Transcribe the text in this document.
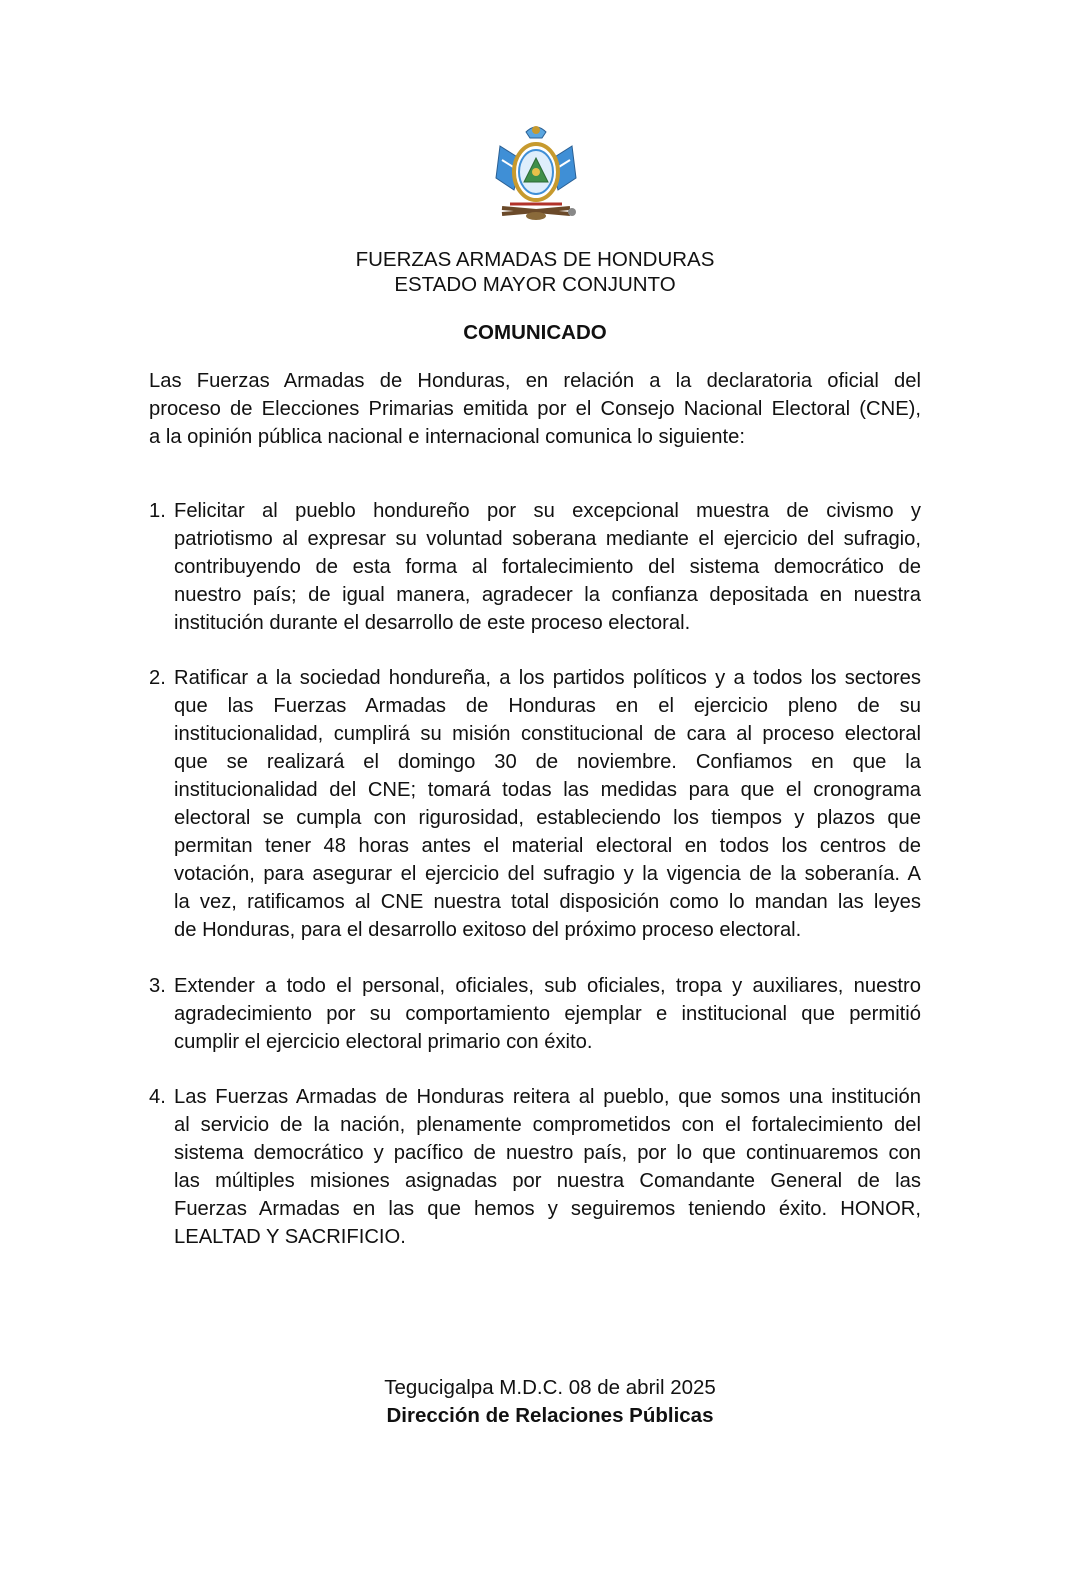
FUERZAS ARMADAS DE HONDURAS
ESTADO MAYOR CONJUNTO
COMUNICADO
Las Fuerzas Armadas de Honduras, en relación a la declaratoria oficial del
proceso de Elecciones Primarias emitida por el Consejo Nacional Electoral (CNE),
a la opinión pública nacional e internacional comunica lo siguiente:
1. Felicitar al pueblo hondureño por su excepcional muestra de civismo y
patriotismo al expresar su voluntad soberana mediante el ejercicio del sufragio,
contribuyendo de esta forma al fortalecimiento del sistema democrático de
nuestro país; de igual manera, agradecer la confianza depositada en nuestra
institución durante el desarrollo de este proceso electoral.
2. Ratificar a la sociedad hondureña, a los partidos políticos y a todos los sectores
que las Fuerzas Armadas de Honduras en el ejercicio pleno de su
institucionalidad, cumplirá su misión constitucional de cara al proceso electoral
que se realizará el domingo 30 de noviembre. Confiamos en que la
institucionalidad del CNE; tomará todas las medidas para que el cronograma
electoral se cumpla con rigurosidad, estableciendo los tiempos y plazos que
permitan tener 48 horas antes el material electoral en todos los centros de
votación, para asegurar el ejercicio del sufragio y la vigencia de la soberanía. A
la vez, ratificamos al CNE nuestra total disposición como lo mandan las leyes
de Honduras, para el desarrollo exitoso del próximo proceso electoral.
3. Extender a todo el personal, oficiales, sub oficiales, tropa y auxiliares, nuestro
agradecimiento por su comportamiento ejemplar e institucional que permitió
cumplir el ejercicio electoral primario con éxito.
4. Las Fuerzas Armadas de Honduras reitera al pueblo, que somos una institución
al servicio de la nación, plenamente comprometidos con el fortalecimiento del
sistema democrático y pacífico de nuestro país, por lo que continuaremos con
las múltiples misiones asignadas por nuestra Comandante General de las
Fuerzas Armadas en las que hemos y seguiremos teniendo éxito. HONOR,
LEALTAD Y SACRIFICIO.
Tegucigalpa M.D.C. 08 de abril 2025
Dirección de Relaciones Públicas
